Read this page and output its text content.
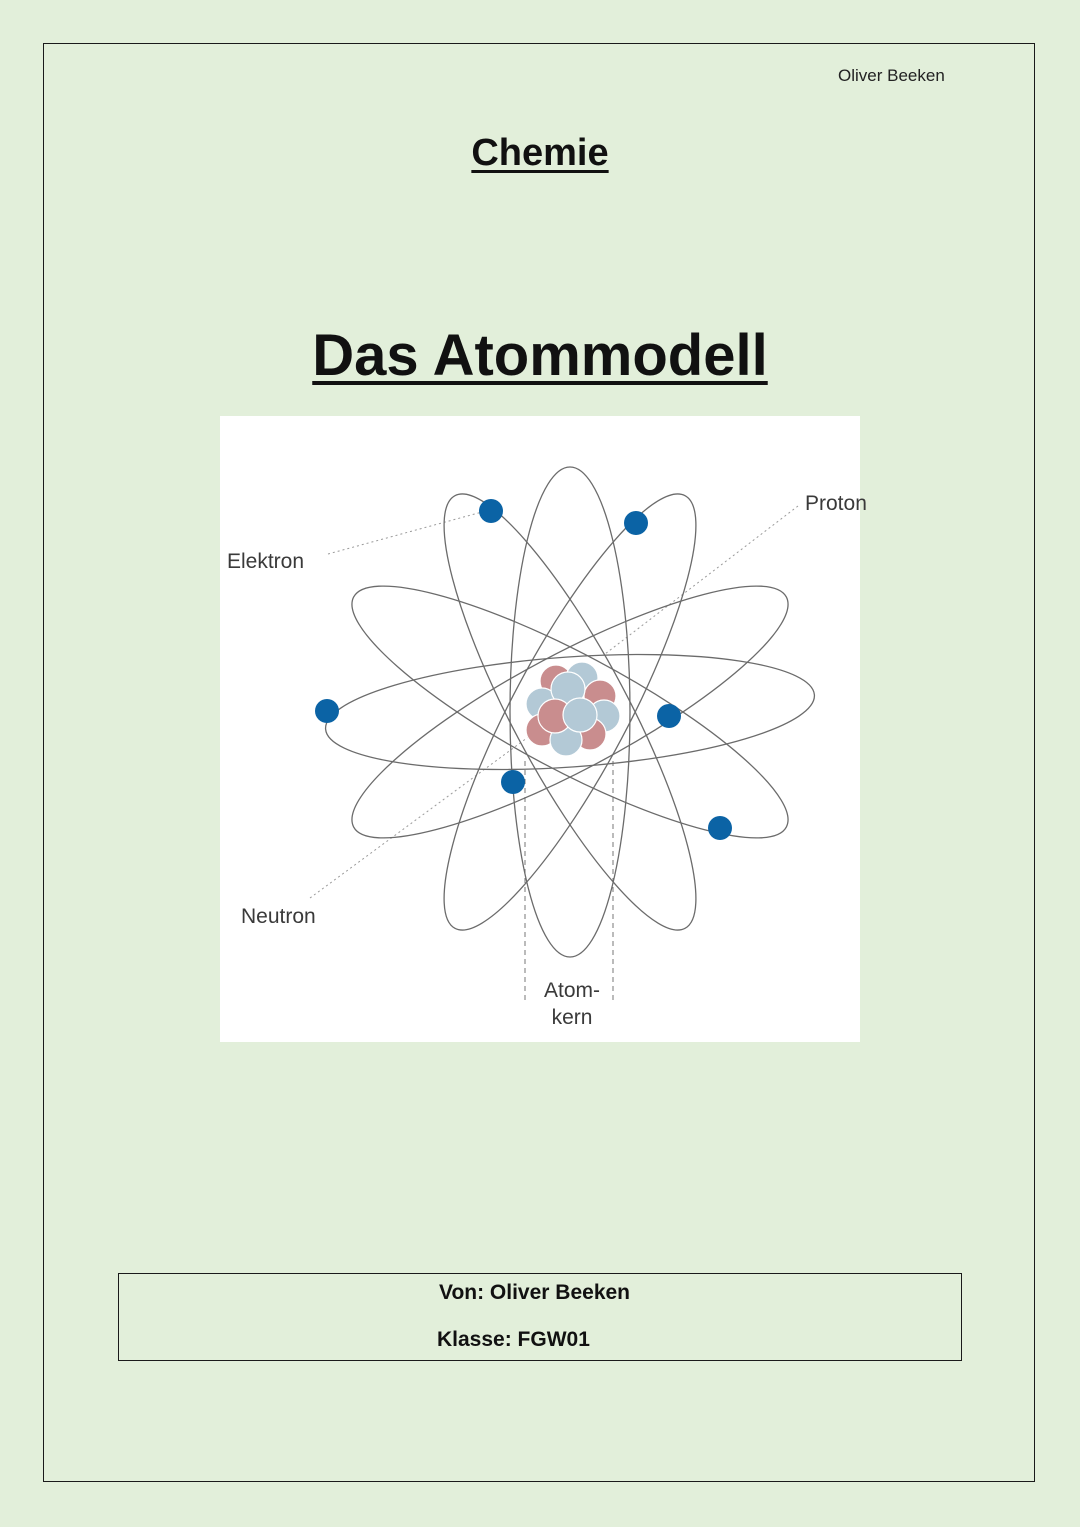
Oliver Beeken
Chemie
Das Atommodell
Elektron
Proton
Neutron
Atom-
kern
Von: Oliver Beeken
Klasse: FGW01
